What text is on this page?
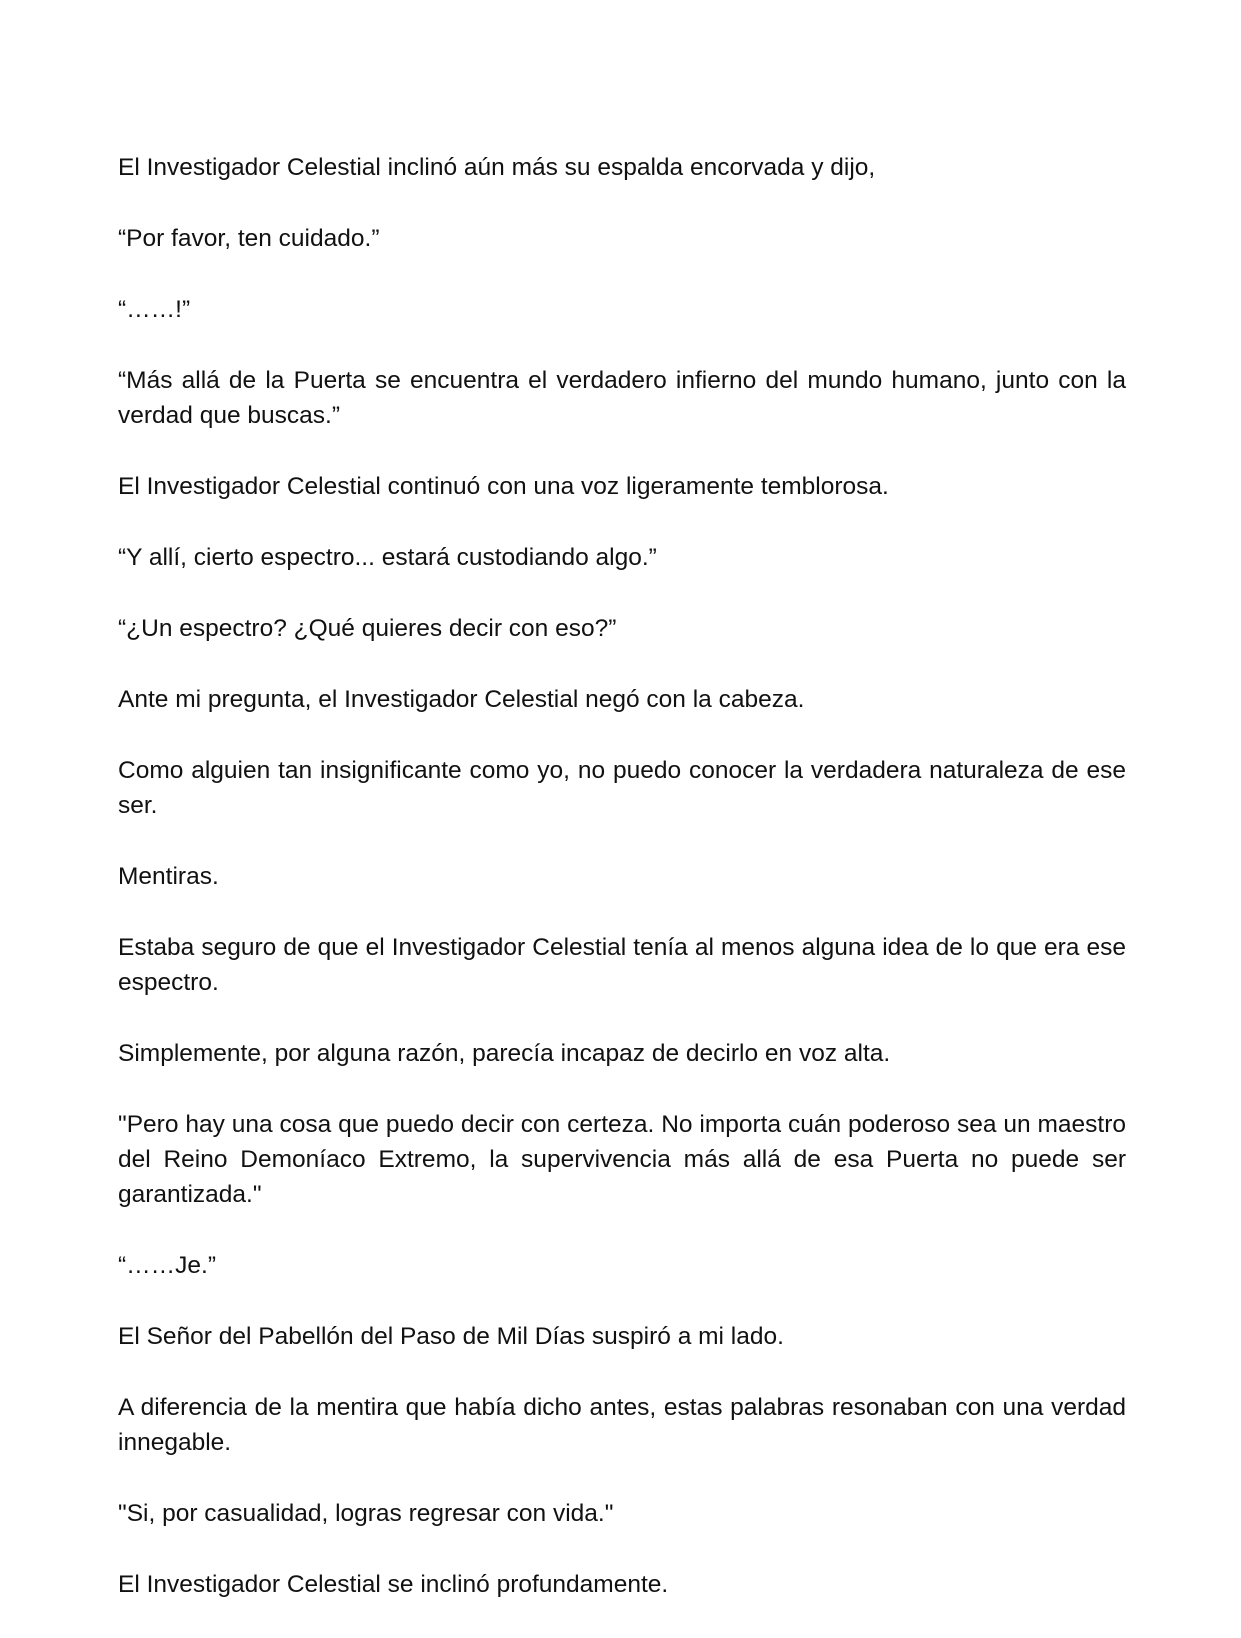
El Investigador Celestial inclinó aún más su espalda encorvada y dijo,

“Por favor, ten cuidado.”

“……!”

“Más allá de la Puerta se encuentra el verdadero infierno del mundo humano, junto con la verdad que buscas.”

El Investigador Celestial continuó con una voz ligeramente temblorosa.

“Y allí, cierto espectro... estará custodiando algo.”

“¿Un espectro? ¿Qué quieres decir con eso?”

Ante mi pregunta, el Investigador Celestial negó con la cabeza.

Como alguien tan insignificante como yo, no puedo conocer la verdadera naturaleza de ese ser.

Mentiras.

Estaba seguro de que el Investigador Celestial tenía al menos alguna idea de lo que era ese espectro.

Simplemente, por alguna razón, parecía incapaz de decirlo en voz alta.

"Pero hay una cosa que puedo decir con certeza. No importa cuán poderoso sea un maestro del Reino Demoníaco Extremo, la supervivencia más allá de esa Puerta no puede ser garantizada."

“……Je.”

El Señor del Pabellón del Paso de Mil Días suspiró a mi lado.

A diferencia de la mentira que había dicho antes, estas palabras resonaban con una verdad innegable.

"Si, por casualidad, logras regresar con vida."

El Investigador Celestial se inclinó profundamente.
